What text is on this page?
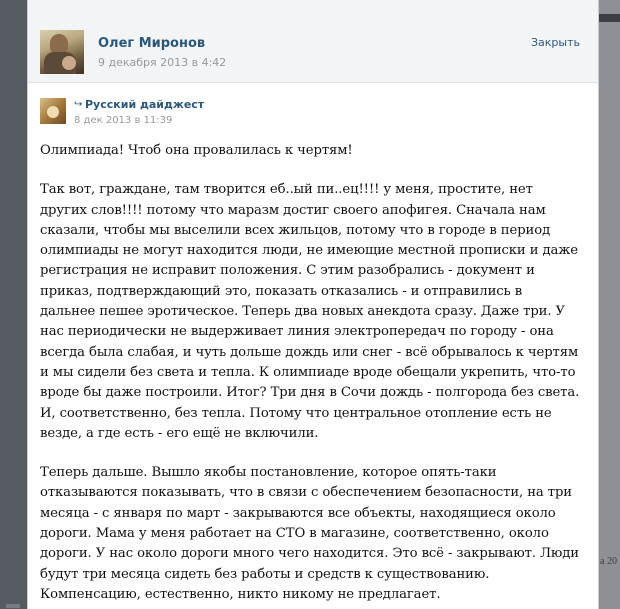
a 20
Олег Миронов
9 декабря 2013 в 4:42
Закрыть
↪ Русский дайджест
8 дек 2013 в 11:39

Олимпиада! Чтоб она провалилась к чертям!

Так вот, граждане, там творится еб..ый пи..ец!!!! у меня, простите, нет других слов!!!! потому что маразм достиг своего апофигея. Сначала нам сказали, чтобы мы выселили всех жильцов, потому что в городе в период олимпиады не могут находится люди, не имеющие местной прописки и даже регистрация не исправит положения. С этим разобрались - документ и приказ, подтверждающий это, показать отказались - и отправились в дальнее пешее эротическое. Теперь два новых анекдота сразу. Даже три. У нас периодически не выдерживает линия электропередач по городу - она всегда была слабая, и чуть дольше дождь или снег - всё обрывалось к чертям и мы сидели без света и тепла. К олимпиаде вроде обещали укрепить, что-то вроде бы даже построили. Итог? Три дня в Сочи дождь - полгорода без света. И, соответственно, без тепла. Потому что центральное отопление есть не везде, а где есть - его ещё не включили.

Теперь дальше. Вышло якобы постановление, которое опять-таки отказываются показывать, что в связи с обеспечением безопасности, на три месяца - с января по март - закрываются все объекты, находящиеся около дороги. Мама у меня работает на СТО в магазине, соответственно, около дороги. У нас около дороги много чего находится. Это всё - закрывают. Люди будут три месяца сидеть без работы и средств к существованию. Компенсацию, естественно, никто никому не предлагает.
